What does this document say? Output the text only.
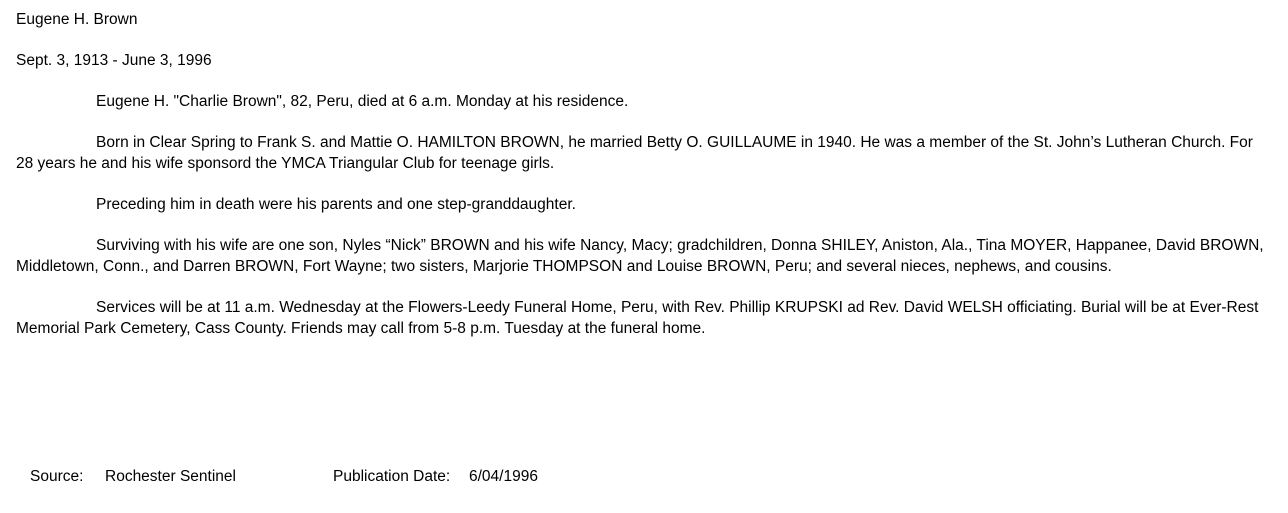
Eugene H. Brown
Sept. 3, 1913 - June 3, 1996

Eugene H. "Charlie Brown", 82, Peru, died at 6 a.m. Monday at his residence.

Born in Clear Spring to Frank S. and Mattie O. HAMILTON BROWN, he married Betty O. GUILLAUME in 1940. He was a member of the St. John’s Lutheran Church. For 28 years he and his wife sponsord the YMCA Triangular Club for teenage girls.

Preceding him in death were his parents and one step-granddaughter.

Surviving with his wife are one son, Nyles “Nick” BROWN and his wife Nancy, Macy; gradchildren, Donna SHILEY, Aniston, Ala., Tina MOYER, Happanee, David BROWN, Middletown, Conn., and Darren BROWN, Fort Wayne; two sisters, Marjorie THOMPSON and Louise BROWN, Peru; and several nieces, nephews, and cousins.

Services will be at 11 a.m. Wednesday at the Flowers-Leedy Funeral Home, Peru, with Rev. Phillip KRUPSKI ad Rev. David WELSH officiating. Burial will be at Ever-Rest Memorial Park Cemetery, Cass County. Friends may call from 5-8 p.m. Tuesday at the funeral home.

Source: Rochester Sentinel	Publication Date: 6/04/1996
